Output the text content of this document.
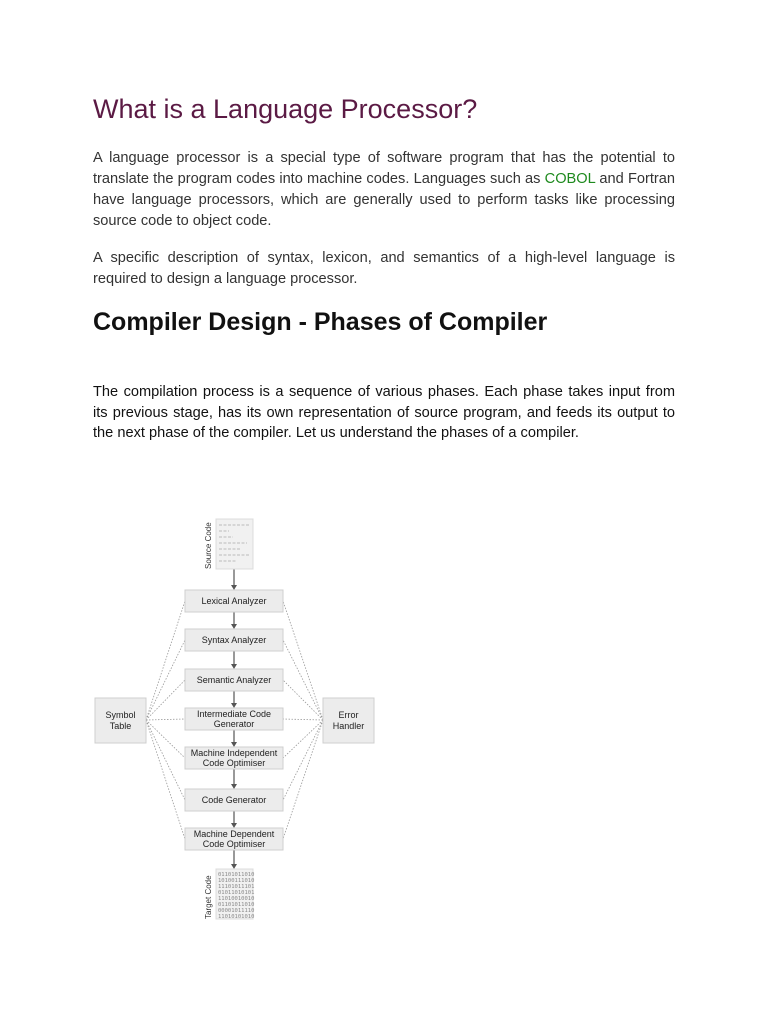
What is a Language Processor?

A language processor is a special type of software program that has the potential to translate the program codes into machine codes. Languages such as COBOL and Fortran have language processors, which are generally used to perform tasks like processing source code to object code.

A specific description of syntax, lexicon, and semantics of a high-level language is required to design a language processor.

Compiler Design - Phases of Compiler

The compilation process is a sequence of various phases. Each phase takes input from its previous stage, has its own representation of source program, and feeds its output to the next phase of the compiler. Let us understand the phases of a compiler.

Source Code
Lexical Analyzer
Syntax Analyzer
Semantic Analyzer
Intermediate Code
Generator
Machine Independent
Code Optimiser
Code Generator
Machine Dependent
Code Optimiser
Symbol
Table
Error
Handler
01101011010
10100111010
11101011101
01011010101
11010010010
01101011010
00001011110
11010101010
Target Code
